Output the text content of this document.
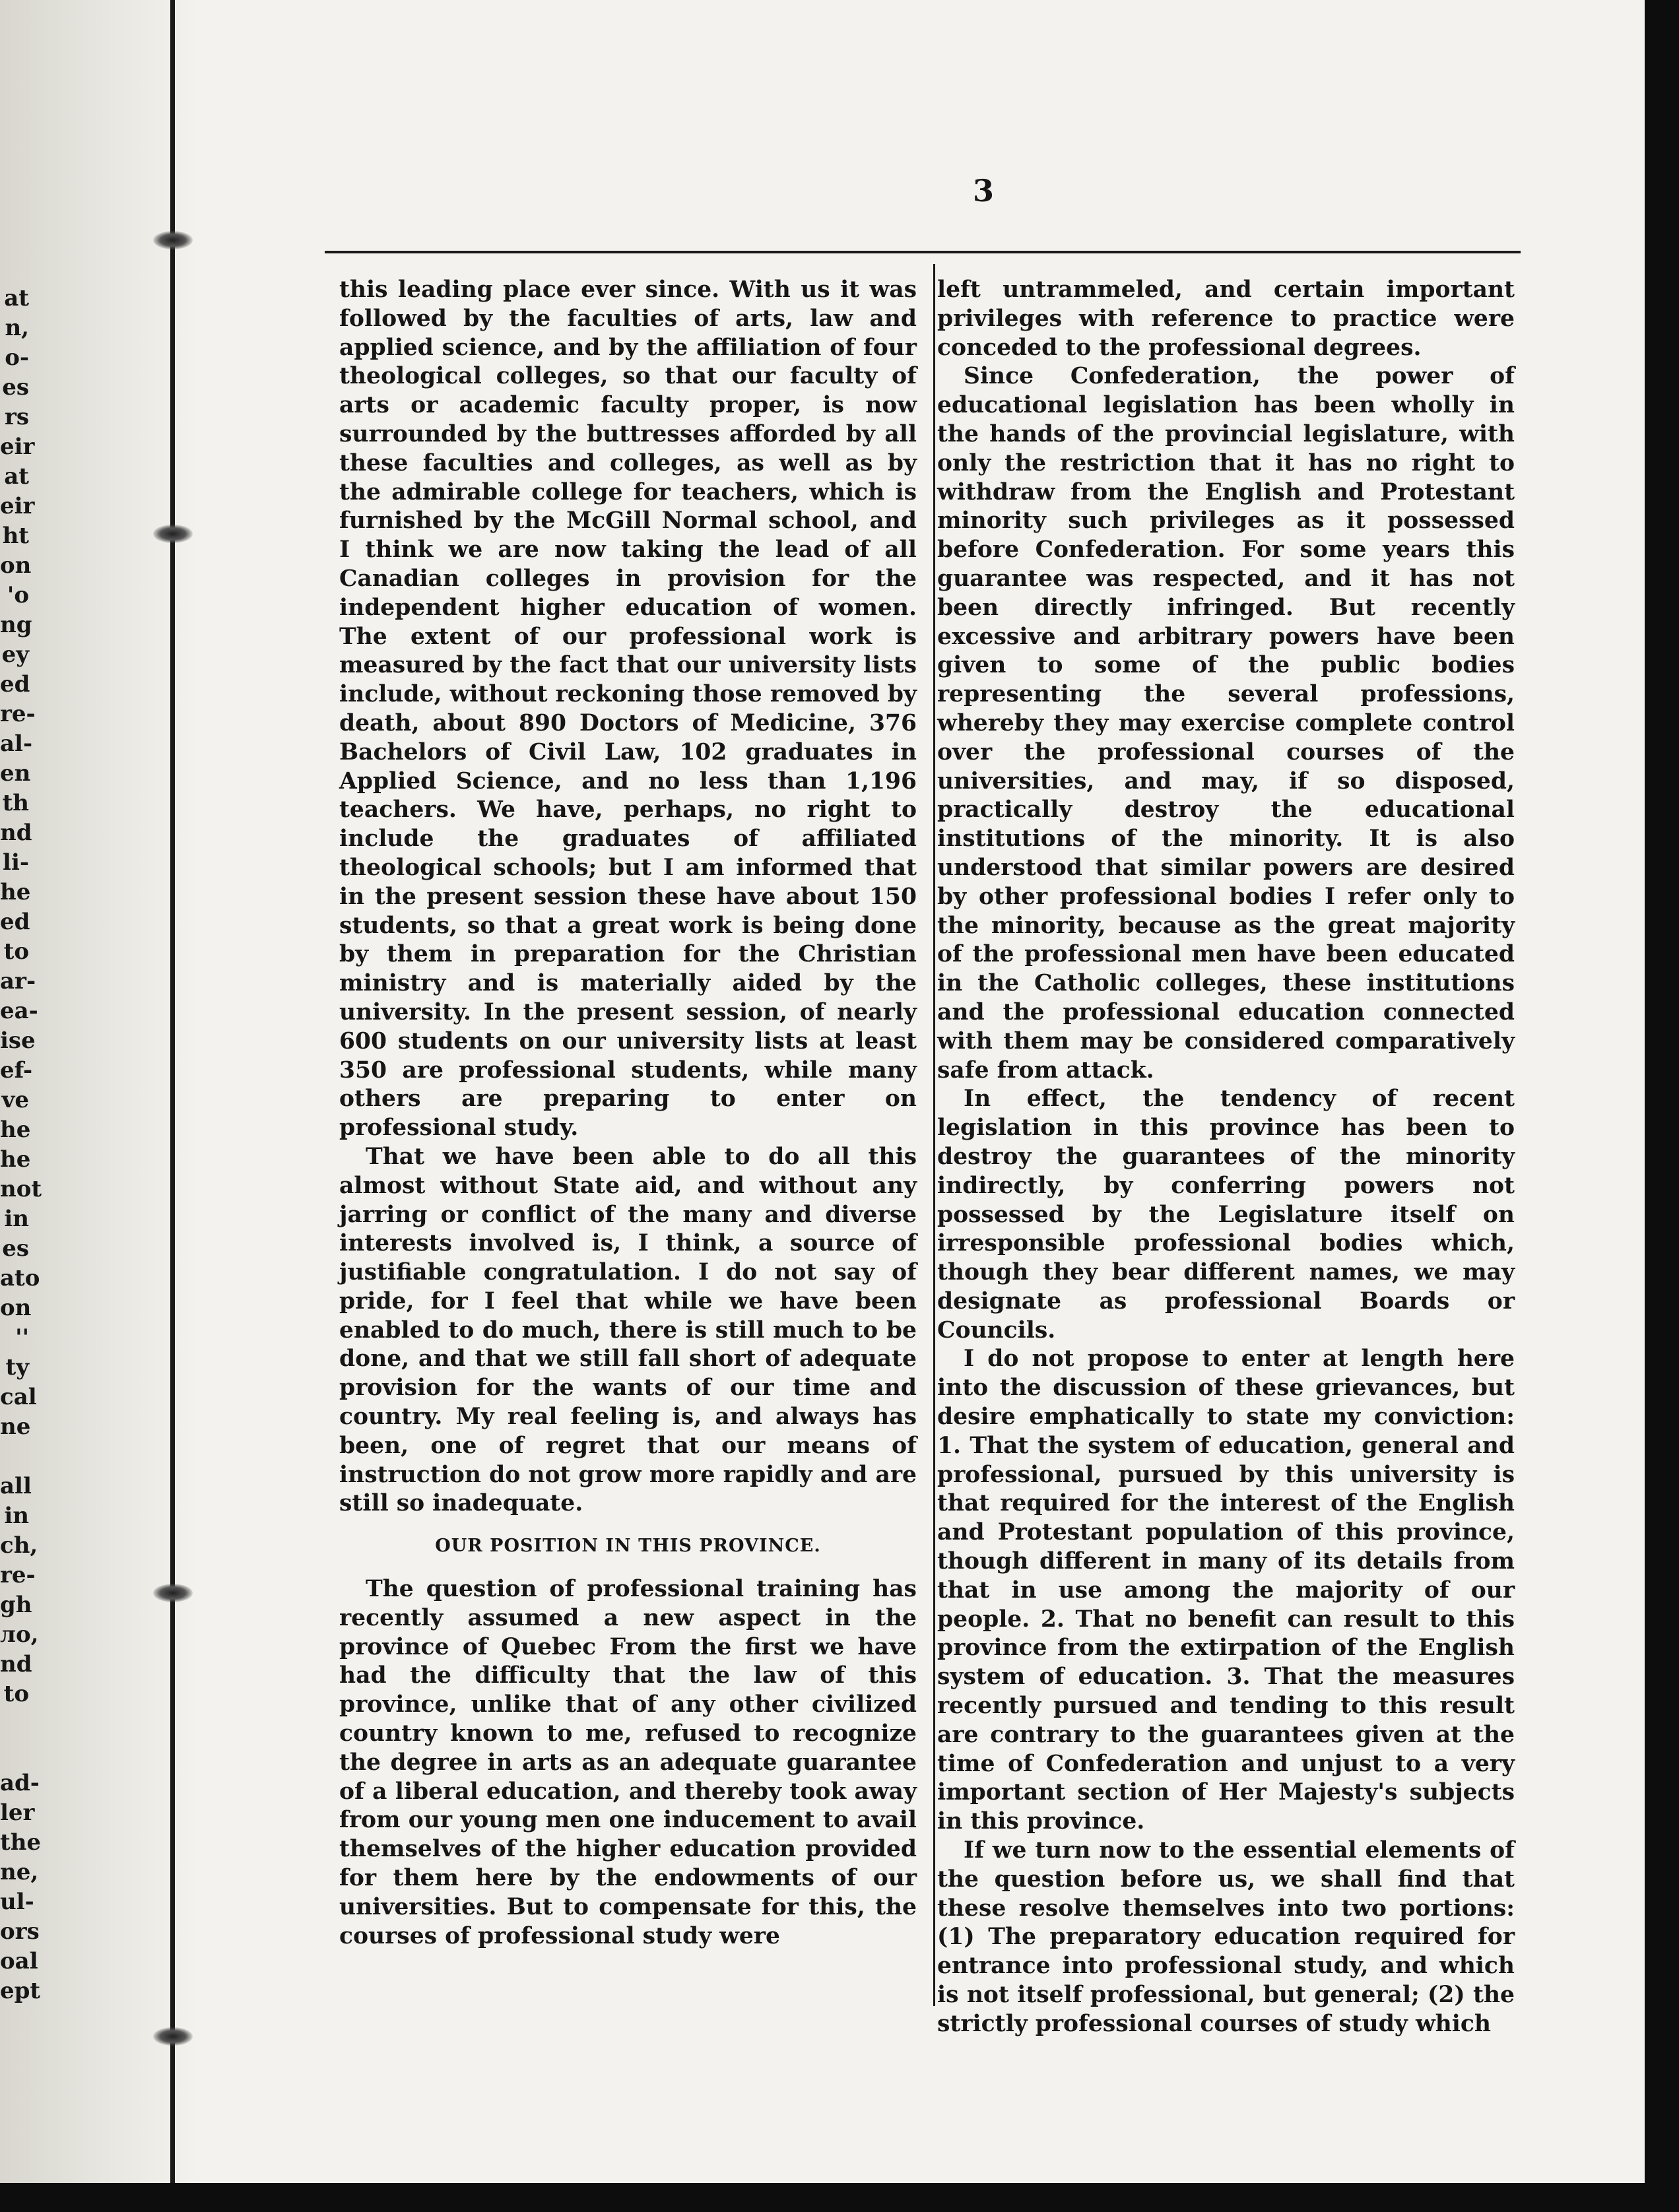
at
n,
o-
es
rs
eir
at
eir
ht
on
'o
ng
ey
ed
re-
al-
en
th
nd
li-
he
ed
to
ar-
ea-
ise
ef-
ve
he
he
not
in
es
ato
on
''
ty
cal
ne
all
in
ch,
re-
gh
ло,
nd
to
ad-
ler
the
ne,
ul-
ors
oal
ept
3

this leading place ever since. With us it was followed by the faculties of arts, law and applied science, and by the affiliation of four theological colleges, so that our faculty of arts or academic faculty proper, is now surrounded by the buttresses afforded by all these faculties and colleges, as well as by the admirable college for teachers, which is furnished by the McGill Normal school, and I think we are now taking the lead of all Canadian colleges in provision for the independent higher education of women. The extent of our professional work is measured by the fact that our university lists include, without reckoning those removed by death, about 890 Doctors of Medicine, 376 Bachelors of Civil Law, 102 graduates in Applied Science, and no less than 1,196 teachers. We have, perhaps, no right to include the graduates of affiliated theological schools; but I am informed that in the present session these have about 150 students, so that a great work is being done by them in preparation for the Christian ministry and is materially aided by the university. In the present session, of nearly 600 students on our university lists at least 350 are professional students, while many others are preparing to enter on professional study.

That we have been able to do all this almost without State aid, and without any jarring or conflict of the many and diverse interests involved is, I think, a source of justifiable congratulation. I do not say of pride, for I feel that while we have been enabled to do much, there is still much to be done, and that we still fall short of adequate provision for the wants of our time and country. My real feeling is, and always has been, one of regret that our means of instruction do not grow more rapidly and are still so inadequate.

OUR POSITION IN THIS PROVINCE.

The question of professional training has recently assumed a new aspect in the province of Quebec From the first we have had the difficulty that the law of this province, unlike that of any other civilized country known to me, refused to recognize the degree in arts as an adequate guarantee of a liberal education, and thereby took away from our young men one inducement to avail themselves of the higher education provided for them here by the endowments of our universities. But to compensate for this, the courses of professional study were

left untrammeled, and certain important privileges with reference to practice were conceded to the professional degrees.

Since Confederation, the power of educational legislation has been wholly in the hands of the provincial legislature, with only the restriction that it has no right to withdraw from the English and Protestant minority such privileges as it possessed before Confederation. For some years this guarantee was respected, and it has not been directly infringed. But recently excessive and arbitrary powers have been given to some of the public bodies representing the several professions, whereby they may exercise complete control over the professional courses of the universities, and may, if so disposed, practically destroy the educational institutions of the minority. It is also understood that similar powers are desired by other professional bodies I refer only to the minority, because as the great majority of the professional men have been educated in the Catholic colleges, these institutions and the professional education connected with them may be considered comparatively safe from attack.

In effect, the tendency of recent legislation in this province has been to destroy the guarantees of the minority indirectly, by conferring powers not possessed by the Legislature itself on irresponsible professional bodies which, though they bear different names, we may designate as professional Boards or Councils.

I do not propose to enter at length here into the discussion of these grievances, but desire emphatically to state my conviction: 1. That the system of education, general and professional, pursued by this university is that required for the interest of the English and Protestant population of this province, though different in many of its details from that in use among the majority of our people. 2. That no benefit can result to this province from the extirpation of the English system of education. 3. That the measures recently pursued and tending to this result are contrary to the guarantees given at the time of Confederation and unjust to a very important section of Her Majesty's subjects in this province.

If we turn now to the essential elements of the question before us, we shall find that these resolve themselves into two portions: (1) The preparatory education required for entrance into professional study, and which is not itself professional, but general; (2) the strictly professional courses of study which
